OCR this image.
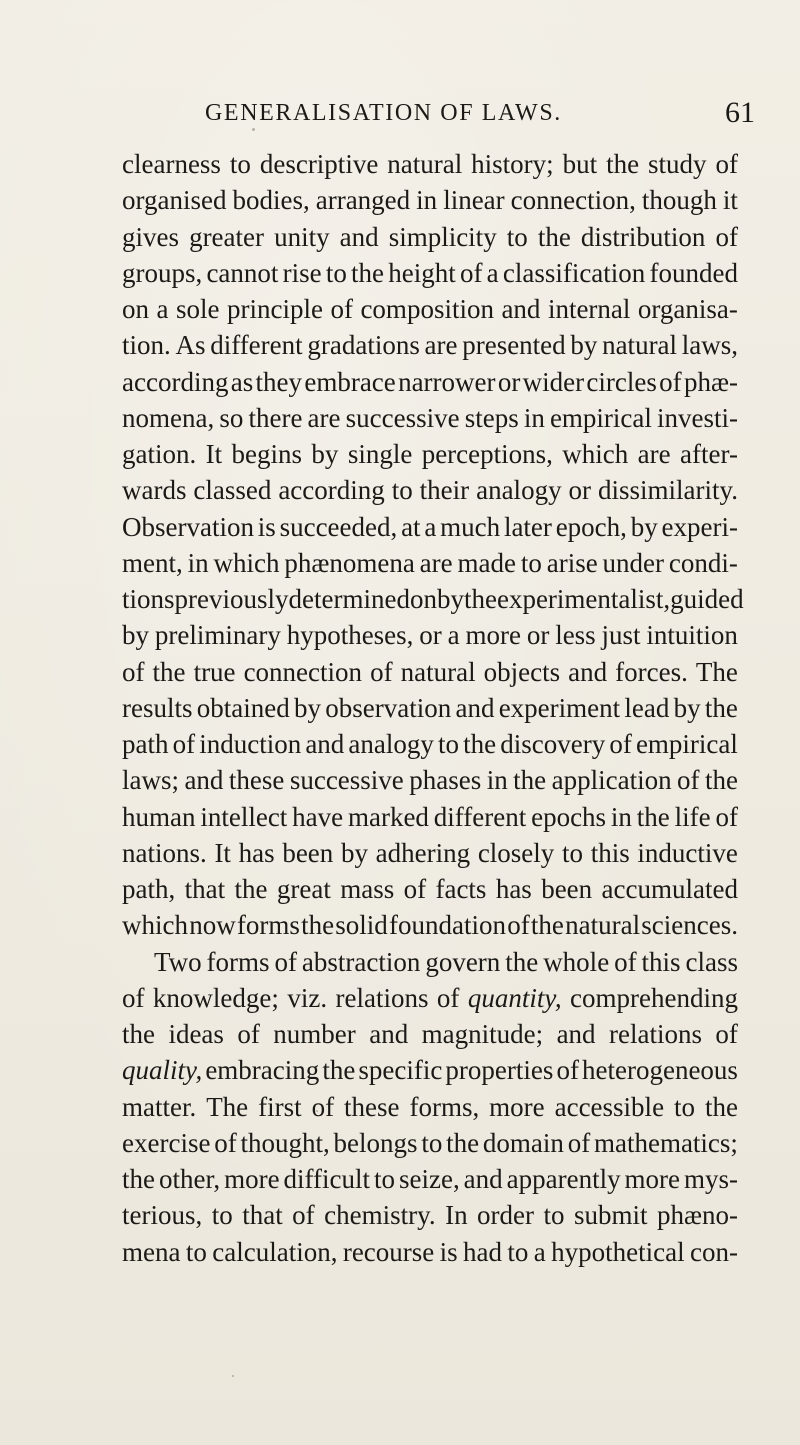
GENERALISATION OF LAWS.	61
clearness to descriptive natural history; but the study of
organised bodies, arranged in linear connection, though it
gives greater unity and simplicity to the distribution of
groups, cannot rise to the height of a classification founded
on a sole principle of composition and internal organisa-
tion. As different gradations are presented by natural laws,
according as they embrace narrower or wider circles of phæ-
nomena, so there are successive steps in empirical investi-
gation. It begins by single perceptions, which are after-
wards classed according to their analogy or dissimilarity.
Observation is succeeded, at a much later epoch, by experi-
ment, in which phænomena are made to arise under condi-
tions previously determined on by the experimentalist, guided
by preliminary hypotheses, or a more or less just intuition
of the true connection of natural objects and forces. The
results obtained by observation and experiment lead by the
path of induction and analogy to the discovery of empirical
laws; and these successive phases in the application of the
human intellect have marked different epochs in the life of
nations. It has been by adhering closely to this inductive
path, that the great mass of facts has been accumulated
which now forms the solid foundation of the natural sciences.
Two forms of abstraction govern the whole of this class
of knowledge; viz. relations of quantity, comprehending
the ideas of number and magnitude; and relations of
quality, embracing the specific properties of heterogeneous
matter. The first of these forms, more accessible to the
exercise of thought, belongs to the domain of mathematics;
the other, more difficult to seize, and apparently more mys-
terious, to that of chemistry. In order to submit phæno-
mena to calculation, recourse is had to a hypothetical con-
